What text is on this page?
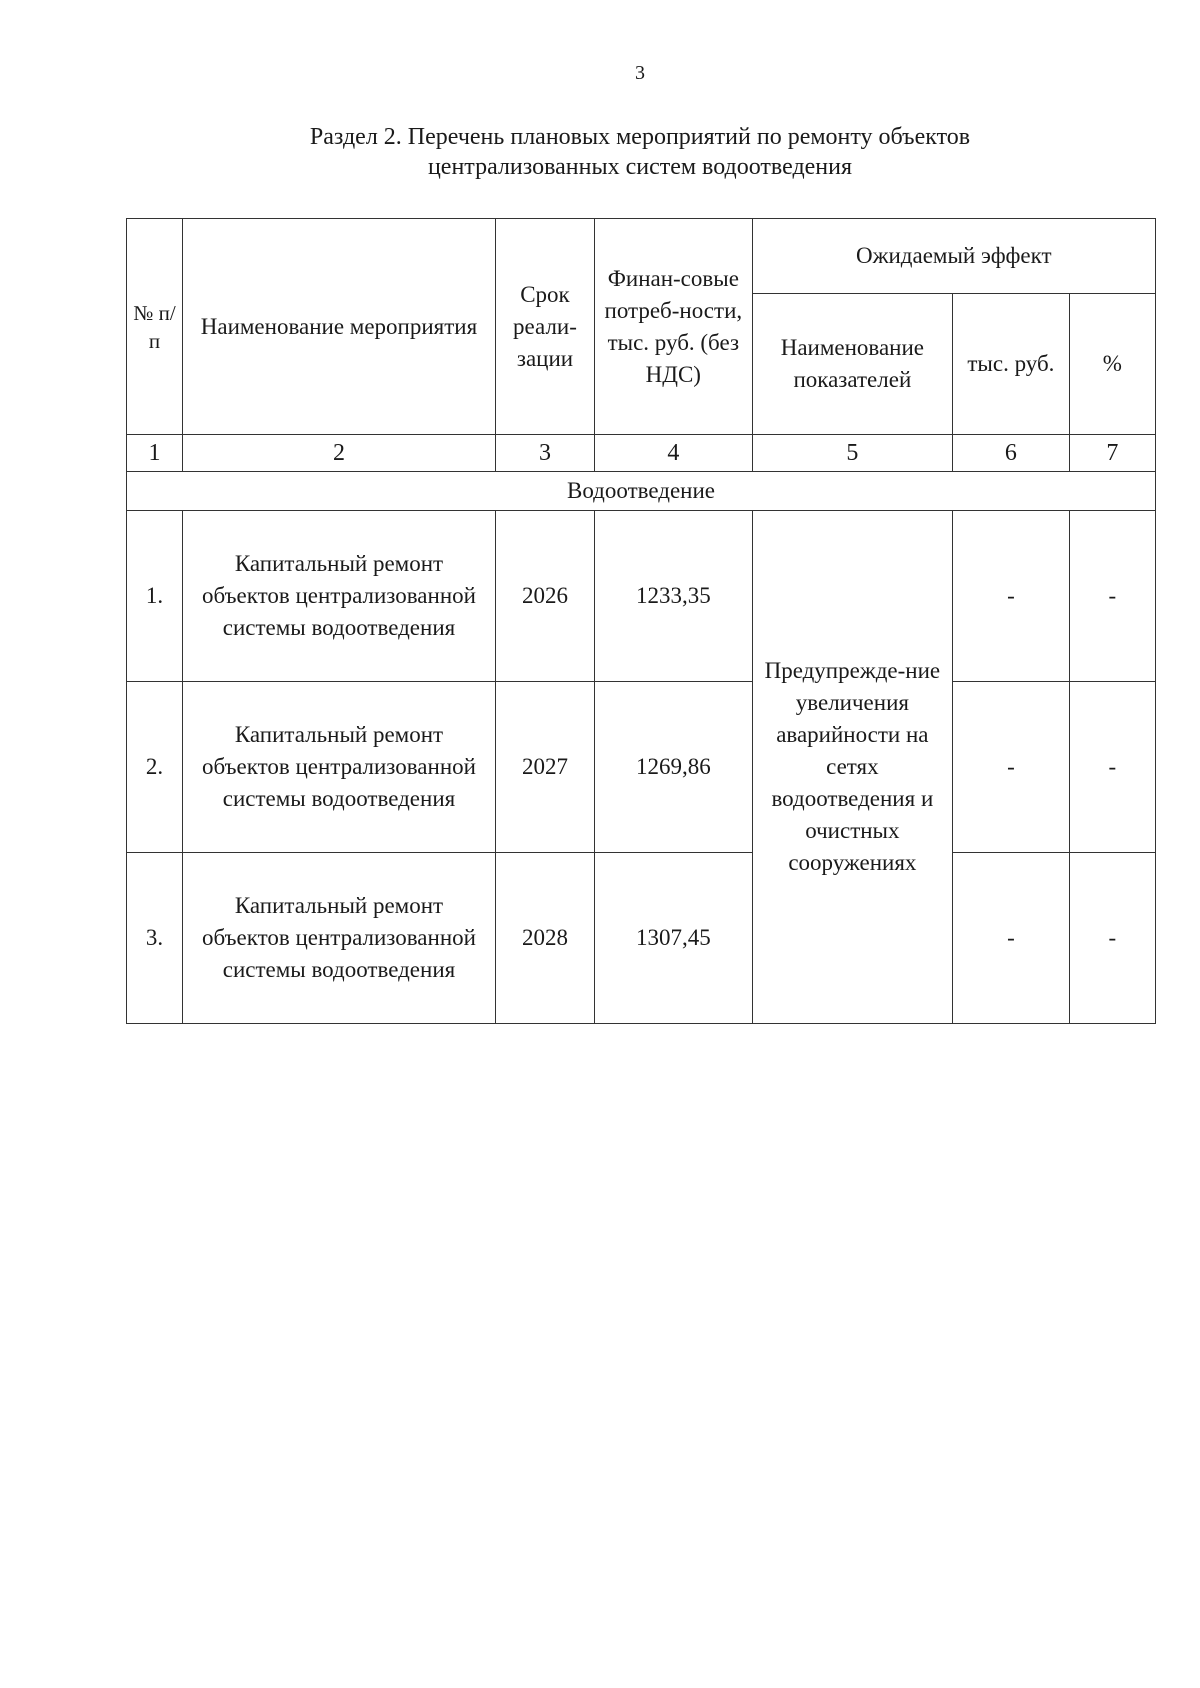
3
Раздел 2. Перечень плановых мероприятий по ремонту объектов
централизованных систем водоотведения
№ п/п	Наименование мероприятия	Срок реали-зации	Финан-совые потреб-ности, тыс. руб. (без НДС)	Ожидаемый эффект		
				Наименование показателей	тыс. руб.	%
1	2	3	4	5	6	7
Водоотведение						
1.	Капитальный ремонт объектов централизованной системы водоотведения	2026	1233,35	Предупрежде-ние увеличения аварийности на сетях водоотведения и очистных сооружениях	-	-
2.	Капитальный ремонт объектов централизованной системы водоотведения	2027	1269,86		-	-
3.	Капитальный ремонт объектов централизованной системы водоотведения	2028	1307,45		-	-
